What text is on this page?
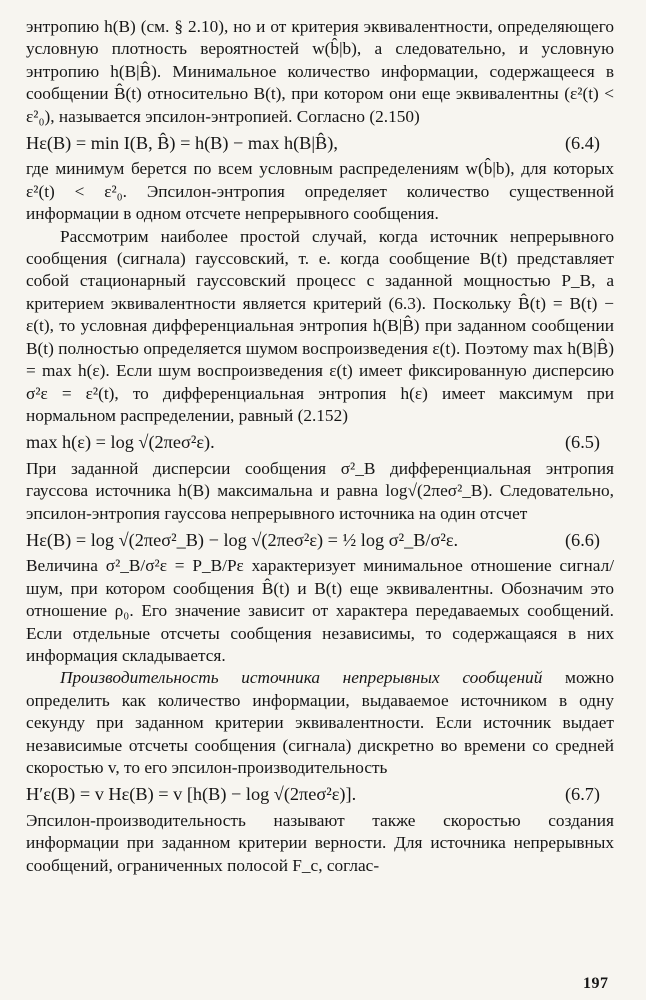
энтропию h(B) (см. § 2.10), но и от критерия эквивалентности, определяющего условную плотность вероятностей w(b̂|b), а следовательно, и условную энтропию h(B|B̂). Минимальное количество информации, содержащееся в сообщении B̂(t) относительно B(t), при котором они еще эквивалентны (ε²(t) < ε²₀), называется эпсилон-энтропией. Согласно (2.150)

Hε(B) = min I(B, B̂) = h(B) − max h(B|B̂),	(6.4)

где минимум берется по всем условным распределениям w(b̂|b), для которых ε²(t) < ε²₀. Эпсилон-энтропия определяет количество существенной информации в одном отсчете непрерывного сообщения.

Рассмотрим наиболее простой случай, когда источник непрерывного сообщения (сигнала) гауссовский, т. е. когда сообщение B(t) представляет собой стационарный гауссовский процесс с заданной мощностью P_B, а критерием эквивалентности является критерий (6.3). Поскольку B̂(t) = B(t) − ε(t), то условная дифференциальная энтропия h(B|B̂) при заданном сообщении B(t) полностью определяется шумом воспроизведения ε(t). Поэтому max h(B|B̂) = max h(ε). Если шум воспроизведения ε(t) имеет фиксированную дисперсию σ²ε = ε²(t), то дифференциальная энтропия h(ε) имеет максимум при нормальном распределении, равный (2.152)

max h(ε) = log √(2πeσ²ε).	(6.5)

При заданной дисперсии сообщения σ²_B дифференциальная энтропия гауссова источника h(B) максимальна и равна log√(2πeσ²_B). Следовательно, эпсилон-энтропия гауссова непрерывного источника на один отсчет

Hε(B) = log √(2πeσ²_B) − log √(2πeσ²ε) = ½ log σ²_B/σ²ε.	(6.6)

Величина σ²_B/σ²ε = P_B/Pε характеризует минимальное отношение сигнал/шум, при котором сообщения B̂(t) и B(t) еще эквивалентны. Обозначим это отношение ρ₀. Его значение зависит от характера передаваемых сообщений. Если отдельные отсчеты сообщения независимы, то содержащаяся в них информация складывается.

Производительность источника непрерывных сообщений можно определить как количество информации, выдаваемое источником в одну секунду при заданном критерии эквивалентности. Если источник выдает независимые отсчеты сообщения (сигнала) дискретно во времени со средней скоростью v, то его эпсилон-производительность

H′ε(B) = v Hε(B) = v [h(B) − log √(2πeσ²ε)].	(6.7)

Эпсилон-производительность называют также скоростью создания информации при заданном критерии верности. Для источника непрерывных сообщений, ограниченных полосой F_c, соглас-

197
